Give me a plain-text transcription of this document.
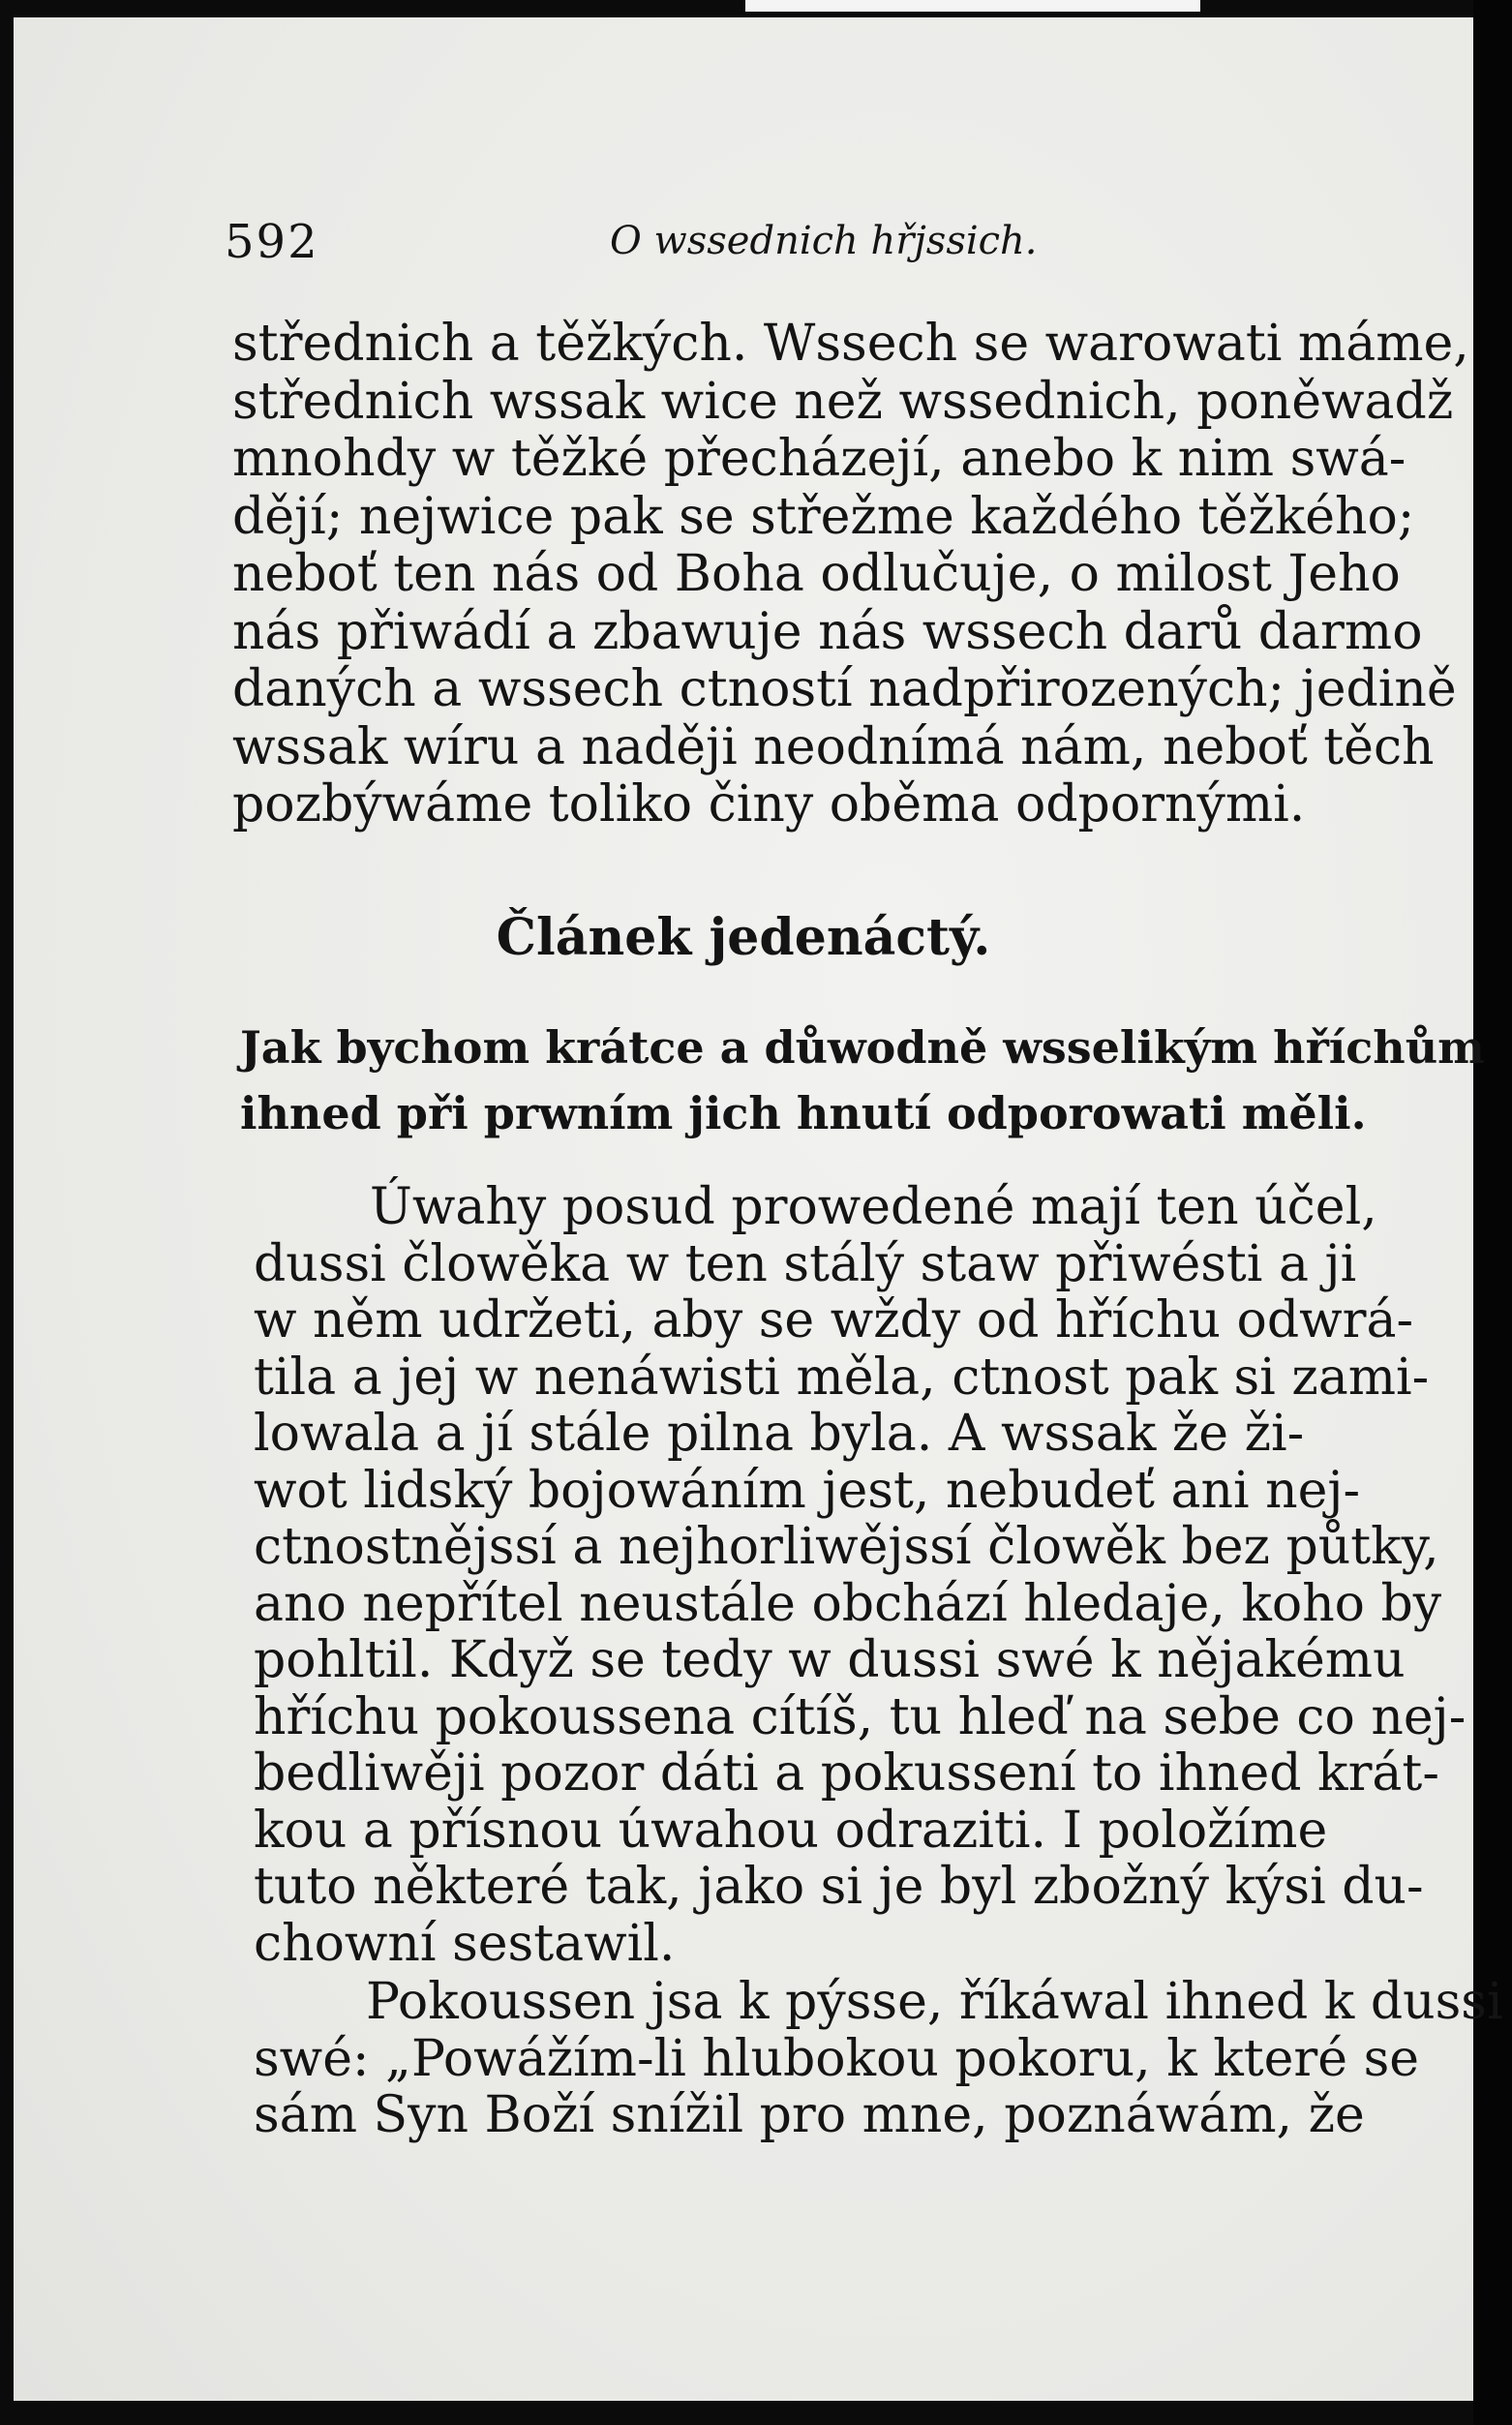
592	O wssednich hřjssich.
střednich a těžkých. Wssech se warowati máme,
střednich wssak wice než wssednich, poněwadž
mnohdy w těžké přecházejí, anebo k nim swá-
dějí; nejwice pak se střežme každého těžkého;
neboť ten nás od Boha odlučuje, o milost Jeho
nás přiwádí a zbawuje nás wssech darů darmo
daných a wssech ctností nadpřirozených; jedině
wssak wíru a naději neodnímá nám, neboť těch
pozbýwáme toliko činy oběma odpornými.
Článek jedenáctý.
Jak bychom krátce a důwodně wsselikým hříchům
ihned při prwním jich hnutí odporowati měli.
Úwahy posud prowedené mají ten účel,
dussi člowěka w ten stálý staw přiwésti a ji
w něm udržeti, aby se wždy od hříchu odwrá-
tila a jej w nenáwisti měla, ctnost pak si zami-
lowala a jí stále pilna byla. A wssak že ži-
wot lidský bojowáním jest, nebudeť ani nej-
ctnostnějssí a nejhorliwějssí člowěk bez půtky,
ano nepřítel neustále obchází hledaje, koho by
pohltil. Když se tedy w dussi swé k nějakému
hříchu pokoussena cítíš, tu hleď na sebe co nej-
bedliwěji pozor dáti a pokussení to ihned krát-
kou a přísnou úwahou odraziti. I položíme
tuto některé tak, jako si je byl zbožný kýsi du-
chowní sestawil.
Pokoussen jsa k pýsse, říkáwal ihned k dussi
swé: „Powážím-li hlubokou pokoru, k které se
sám Syn Boží snížil pro mne, poznáwám, že
